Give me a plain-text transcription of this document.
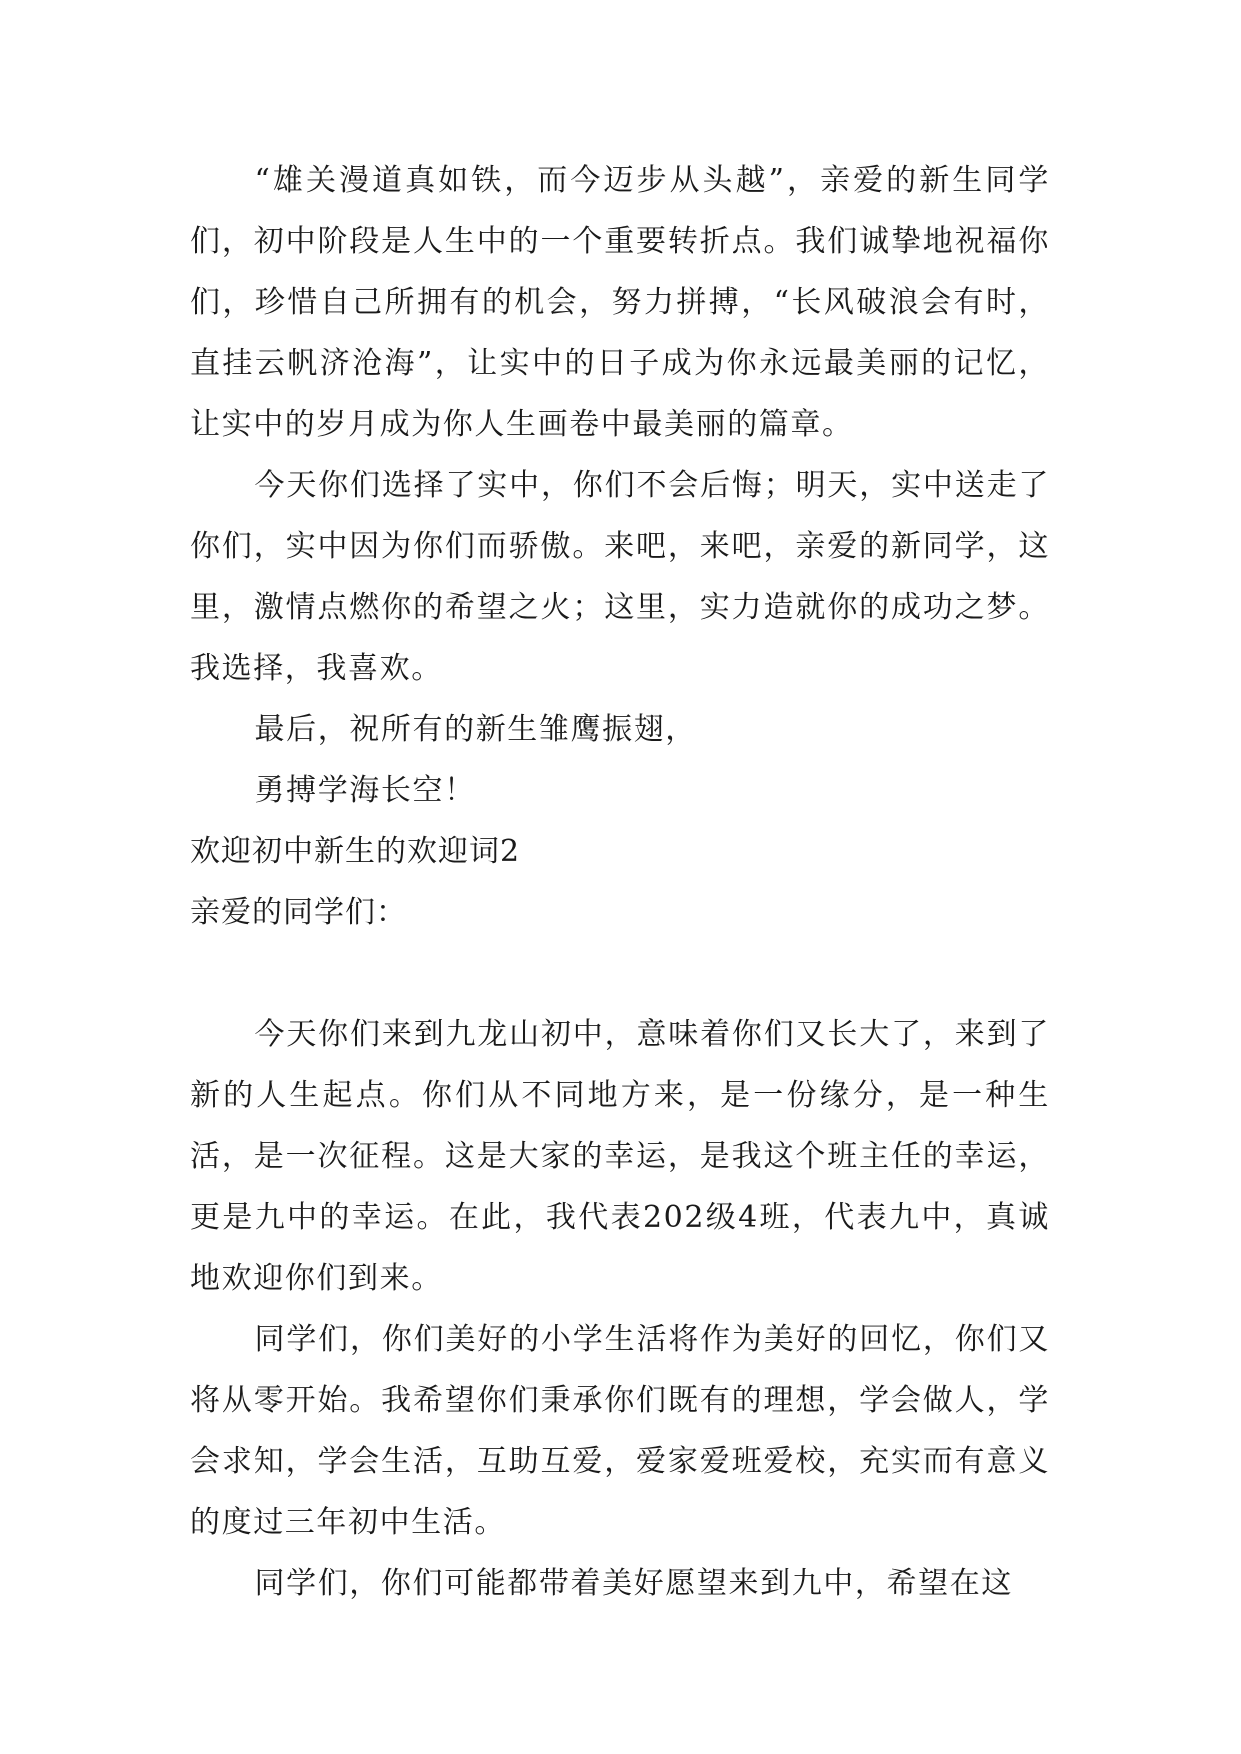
“雄关漫道真如铁，而今迈步从头越”，亲爱的新生同学们，初中阶段是人生中的一个重要转折点。我们诚挚地祝福你们，珍惜自己所拥有的机会，努力拼搏，“长风破浪会有时，直挂云帆济沧海”，让实中的日子成为你永远最美丽的记忆，让实中的岁月成为你人生画卷中最美丽的篇章。

今天你们选择了实中，你们不会后悔；明天，实中送走了你们，实中因为你们而骄傲。来吧，来吧，亲爱的新同学，这里，激情点燃你的希望之火；这里，实力造就你的成功之梦。我选择，我喜欢。

最后，祝所有的新生雏鹰振翅，

勇搏学海长空！

欢迎初中新生的欢迎词2

亲爱的同学们：

今天你们来到九龙山初中，意味着你们又长大了，来到了新的人生起点。你们从不同地方来，是一份缘分，是一种生活，是一次征程。这是大家的幸运，是我这个班主任的幸运，更是九中的幸运。在此，我代表202级4班，代表九中，真诚地欢迎你们到来。

同学们，你们美好的小学生活将作为美好的回忆，你们又将从零开始。我希望你们秉承你们既有的理想，学会做人，学会求知，学会生活，互助互爱，爱家爱班爱校，充实而有意义的度过三年初中生活。

同学们，你们可能都带着美好愿望来到九中，希望在这
